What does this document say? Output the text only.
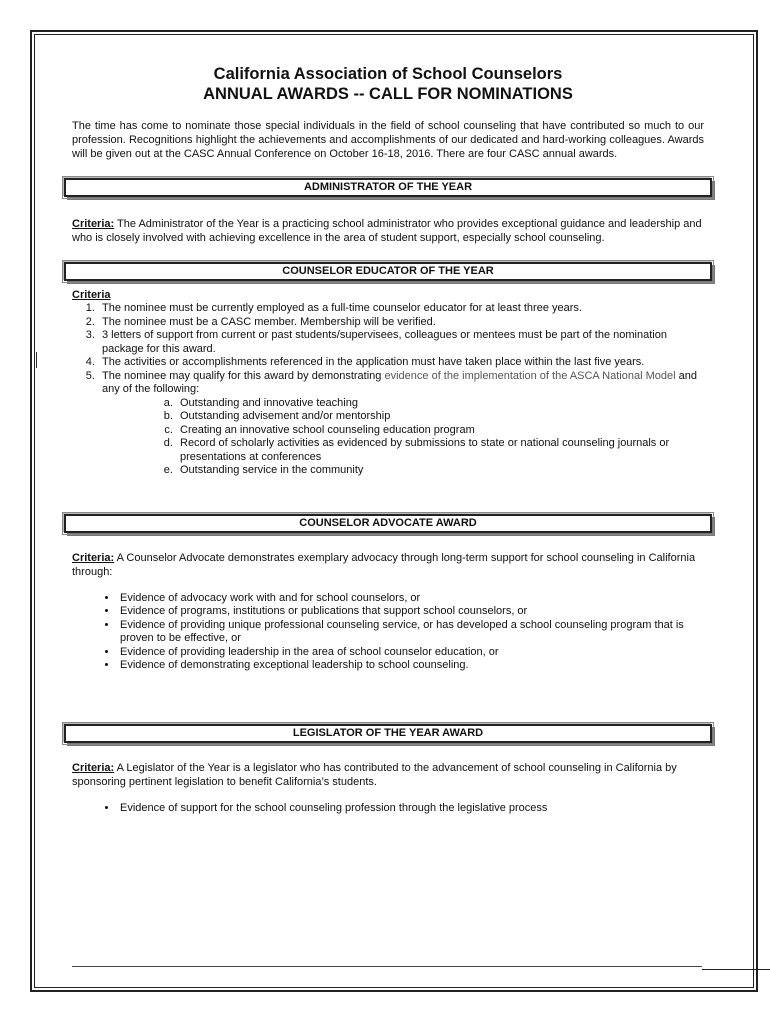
California Association of School Counselors

ANNUAL AWARDS -- CALL FOR NOMINATIONS

The time has come to nominate those special individuals in the field of school counseling that have contributed so much to our profession. Recognitions highlight the achievements and accomplishments of our dedicated and hard-working colleagues. Awards will be given out at the CASC Annual Conference on October 16-18, 2016. There are four CASC annual awards.

ADMINISTRATOR OF THE YEAR

Criteria: The Administrator of the Year is a practicing school administrator who provides exceptional guidance and leadership and who is closely involved with achieving excellence in the area of student support, especially school counseling.

COUNSELOR EDUCATOR OF THE YEAR

Criteria

1. The nominee must be currently employed as a full-time counselor educator for at least three years.
2. The nominee must be a CASC member. Membership will be verified.
3. 3 letters of support from current or past students/supervisees, colleagues or mentees must be part of the nomination package for this award.
4. The activities or accomplishments referenced in the application must have taken place within the last five years.
5. The nominee may qualify for this award by demonstrating evidence of the implementation of the ASCA National Model and any of the following:
a. Outstanding and innovative teaching
b. Outstanding advisement and/or mentorship
c. Creating an innovative school counseling education program
d. Record of scholarly activities as evidenced by submissions to state or national counseling journals or presentations at conferences
e. Outstanding service in the community
COUNSELOR ADVOCATE AWARD

Criteria: A Counselor Advocate demonstrates exemplary advocacy through long-term support for school counseling in California through:

• Evidence of advocacy work with and for school counselors, or
• Evidence of programs, institutions or publications that support school counselors, or
• Evidence of providing unique professional counseling service, or has developed a school counseling program that is proven to be effective, or
• Evidence of providing leadership in the area of school counselor education, or
• Evidence of demonstrating exceptional leadership to school counseling.
LEGISLATOR OF THE YEAR AWARD

Criteria: A Legislator of the Year is a legislator who has contributed to the advancement of school counseling in California by sponsoring pertinent legislation to benefit California’s students.

• Evidence of support for the school counseling profession through the legislative process
